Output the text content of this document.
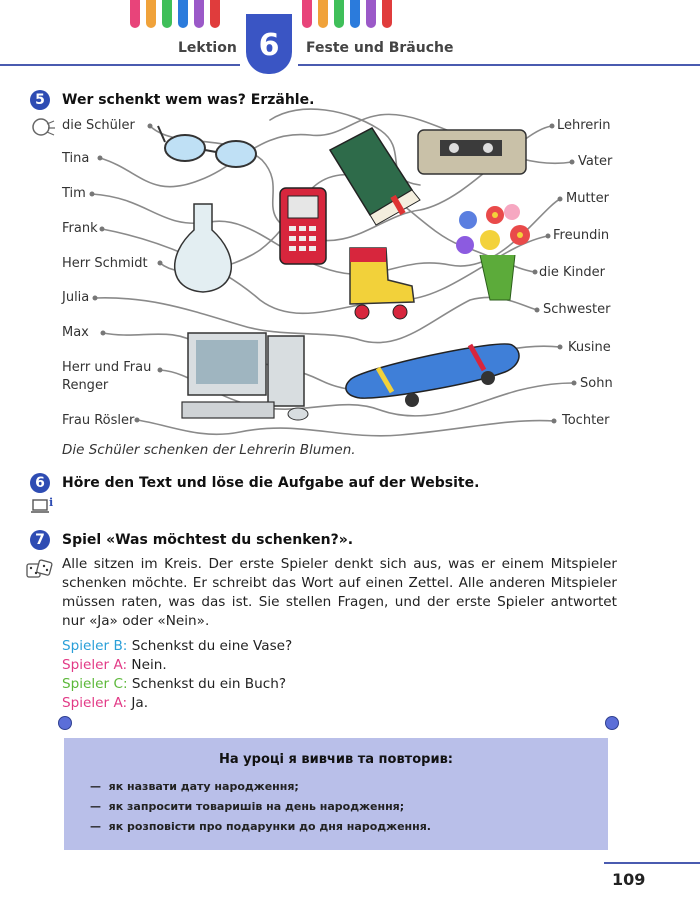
Lektion 6	Feste und Bräuche
5	Wer schenkt wem was? Erzähle.
die Schüler
Tina
Tim
Frank
Herr Schmidt
Julia
Max
Herr und Frau
Renger
Frau Rösler
Lehrerin
Vater
Mutter
Freundin
die Kinder
Schwester
Kusine
Sohn
Tochter
Die Schüler schenken der Lehrerin Blumen.
6	Höre den Text und löse die Aufgabe auf der Website.
i
7	Spiel «Was möchtest du schenken?».
Alle sitzen im Kreis. Der erste Spieler denkt sich aus, was er einem Mitspieler schenken möchte. Er schreibt das Wort auf einen Zettel. Alle anderen Mitspieler müssen raten, was das ist. Sie stellen Fragen, und der erste Spieler antwortet nur «Ja» oder «Nein».
Spieler B: Schenkst du eine Vase?
Spieler A: Nein.
Spieler C: Schenkst du ein Buch?
Spieler A: Ja.
На уроці я вивчив та повторив:
— як назвати дату народження;
— як запросити товаришів на день народження;
— як розповісти про подарунки до дня народження.
109
